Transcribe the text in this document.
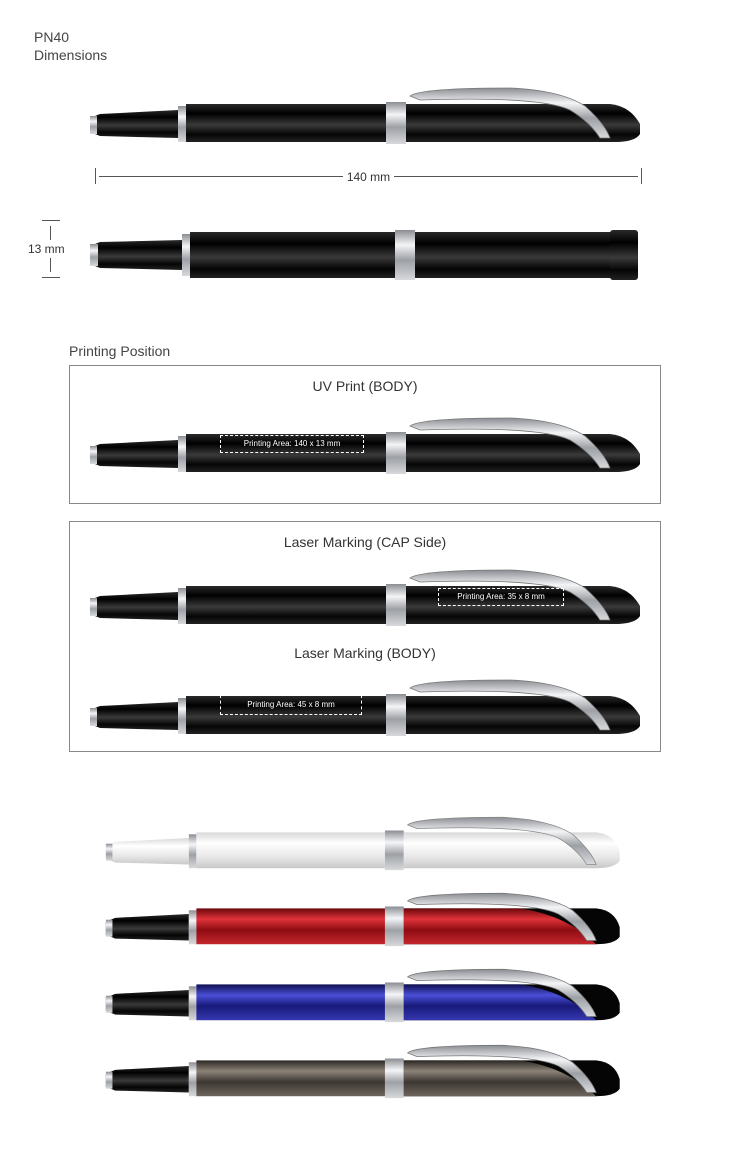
PN40
Dimensions
140 mm
13 mm
Printing Position
UV Print (BODY)
Printing Area: 140 x 13 mm
Laser Marking (CAP Side)
Printing Area: 35 x 8 mm
Laser Marking (BODY)
Printing Area: 45 x 8 mm
